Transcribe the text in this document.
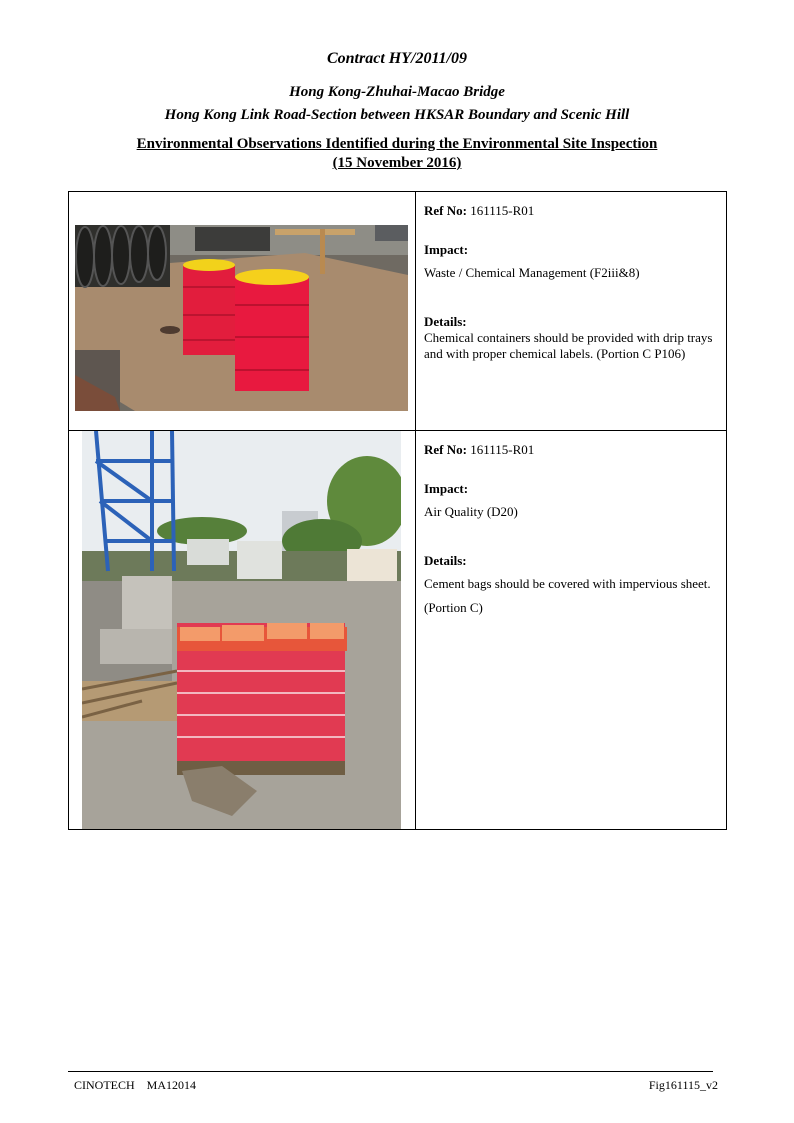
Contract HY/2011/09
Hong Kong-Zhuhai-Macao Bridge
Hong Kong Link Road-Section between HKSAR Boundary and Scenic Hill
Environmental Observations Identified during the Environmental Site Inspection
(15 November 2016)
Ref No: 161115-R01
Impact:
Waste / Chemical Management (F2iii&8)
Details:
Chemical containers should be provided with drip trays and with proper chemical labels. (Portion C P106)
Ref No: 161115-R01
Impact:
Air Quality (D20)
Details:
Cement bags should be covered with impervious sheet.
(Portion C)
CINOTECH    MA12014	Fig161115_v2
